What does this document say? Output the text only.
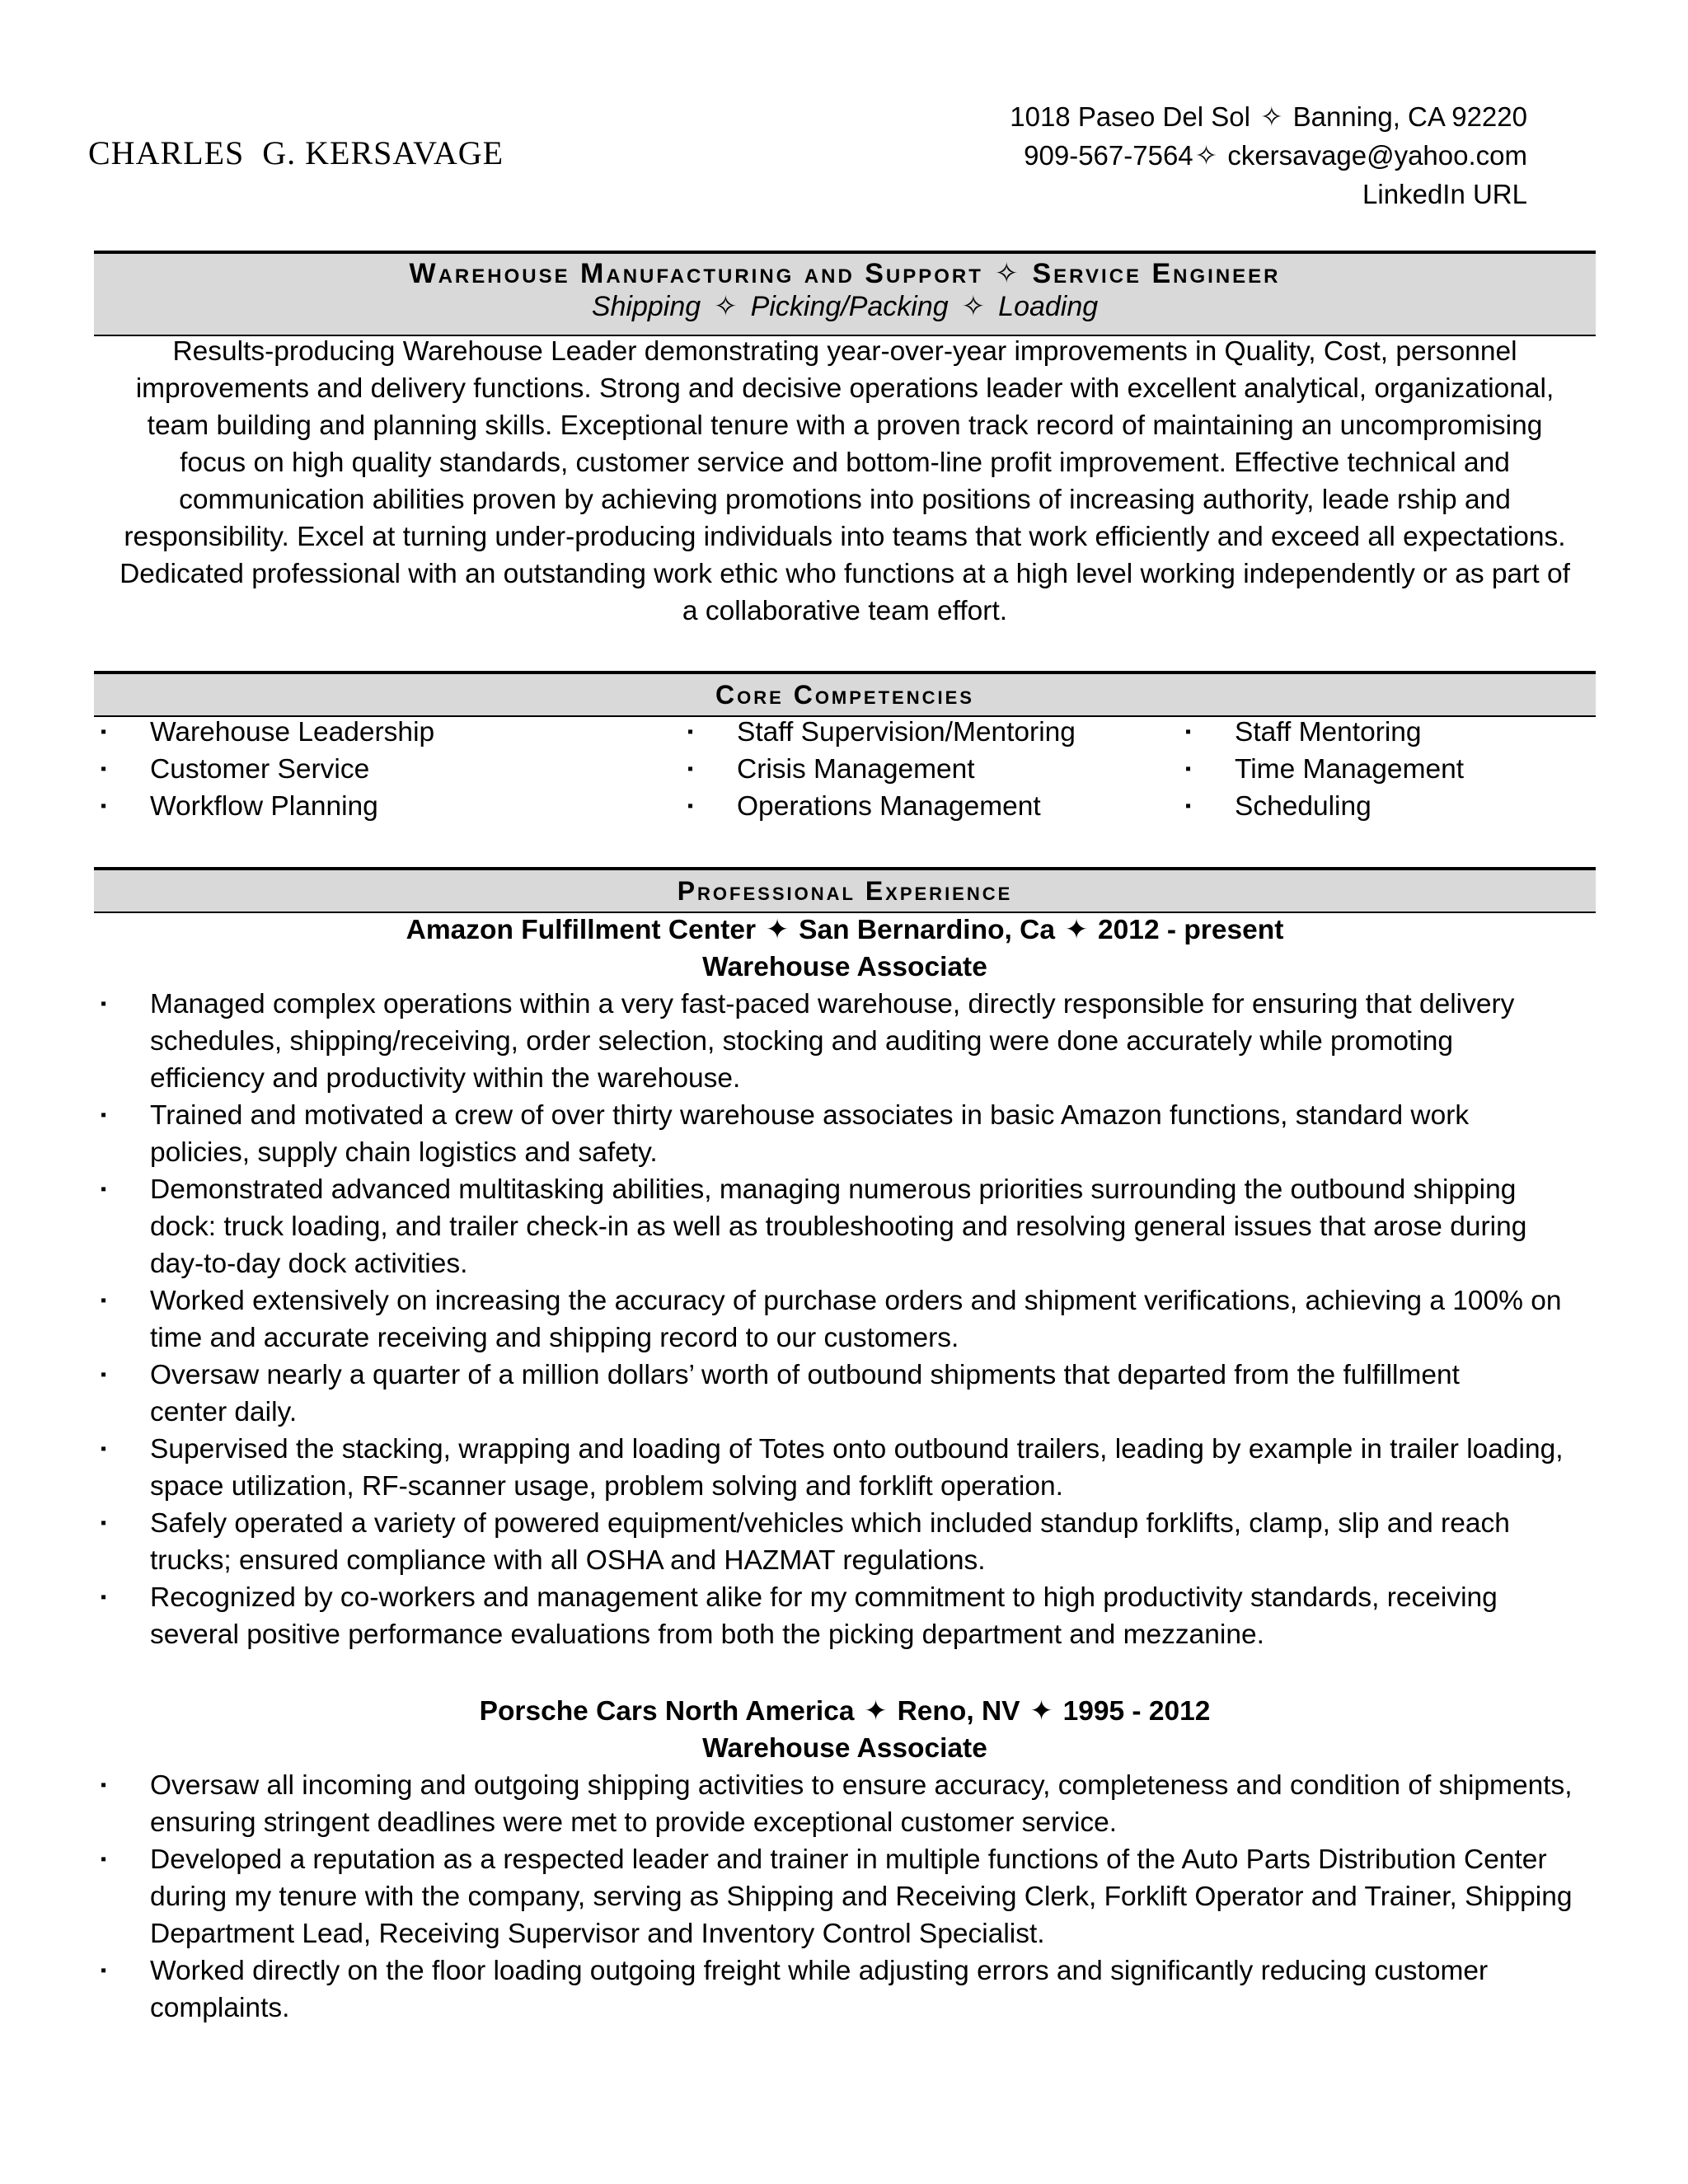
CHARLES  G. KERSAVAGE
1018 Paseo Del Sol ✧ Banning, CA 92220
909-567-7564✧ ckersavage@yahoo.com
LinkedIn URL
Warehouse Manufacturing and Support ✧ Service Engineer
Shipping ✧ Picking/Packing ✧ Loading
Results-producing Warehouse Leader demonstrating year-over-year improvements in Quality, Cost, personnel
improvements and delivery functions. Strong and decisive operations leader with excellent analytical, organizational,
team building and planning skills. Exceptional tenure with a proven track record of maintaining an uncompromising
focus on high quality standards, customer service and bottom-line profit improvement. Effective technical and
communication abilities proven by achieving promotions into positions of increasing authority, leade rship and
responsibility. Excel at turning under-producing individuals into teams that work efficiently and exceed all expectations.
Dedicated professional with an outstanding work ethic who functions at a high level working independently or as part of
a collaborative team effort.
Core Competencies
▪ Warehouse Leadership
▪ Customer Service
▪ Workflow Planning
▪ Staff Supervision/Mentoring
▪ Crisis Management
▪ Operations Management
▪ Staff Mentoring
▪ Time Management
▪ Scheduling
Professional Experience
Amazon Fulfillment Center ✦ San Bernardino, Ca ✦ 2012 - present
Warehouse Associate
▪ Managed complex operations within a very fast-paced warehouse, directly responsible for ensuring that delivery
schedules, shipping/receiving, order selection, stocking and auditing were done accurately while promoting
efficiency and productivity within the warehouse.
▪ Trained and motivated a crew of over thirty warehouse associates in basic Amazon functions, standard work
policies, supply chain logistics and safety.
▪ Demonstrated advanced multitasking abilities, managing numerous priorities surrounding the outbound shipping
dock: truck loading, and trailer check-in as well as troubleshooting and resolving general issues that arose during
day-to-day dock activities.
▪ Worked extensively on increasing the accuracy of purchase orders and shipment verifications, achieving a 100% on
time and accurate receiving and shipping record to our customers.
▪ Oversaw nearly a quarter of a million dollars’ worth of outbound shipments that departed from the fulfillment
center daily.
▪ Supervised the stacking, wrapping and loading of Totes onto outbound trailers, leading by example in trailer loading,
space utilization, RF-scanner usage, problem solving and forklift operation.
▪ Safely operated a variety of powered equipment/vehicles which included standup forklifts, clamp, slip and reach
trucks; ensured compliance with all OSHA and HAZMAT regulations.
▪ Recognized by co-workers and management alike for my commitment to high productivity standards, receiving
several positive performance evaluations from both the picking department and mezzanine.
Porsche Cars North America ✦ Reno, NV ✦ 1995 - 2012
Warehouse Associate
▪ Oversaw all incoming and outgoing shipping activities to ensure accuracy, completeness and condition of shipments,
ensuring stringent deadlines were met to provide exceptional customer service.
▪ Developed a reputation as a respected leader and trainer in multiple functions of the Auto Parts Distribution Center
during my tenure with the company, serving as Shipping and Receiving Clerk, Forklift Operator and Trainer, Shipping
Department Lead, Receiving Supervisor and Inventory Control Specialist.
▪ Worked directly on the floor loading outgoing freight while adjusting errors and significantly reducing customer
complaints.
